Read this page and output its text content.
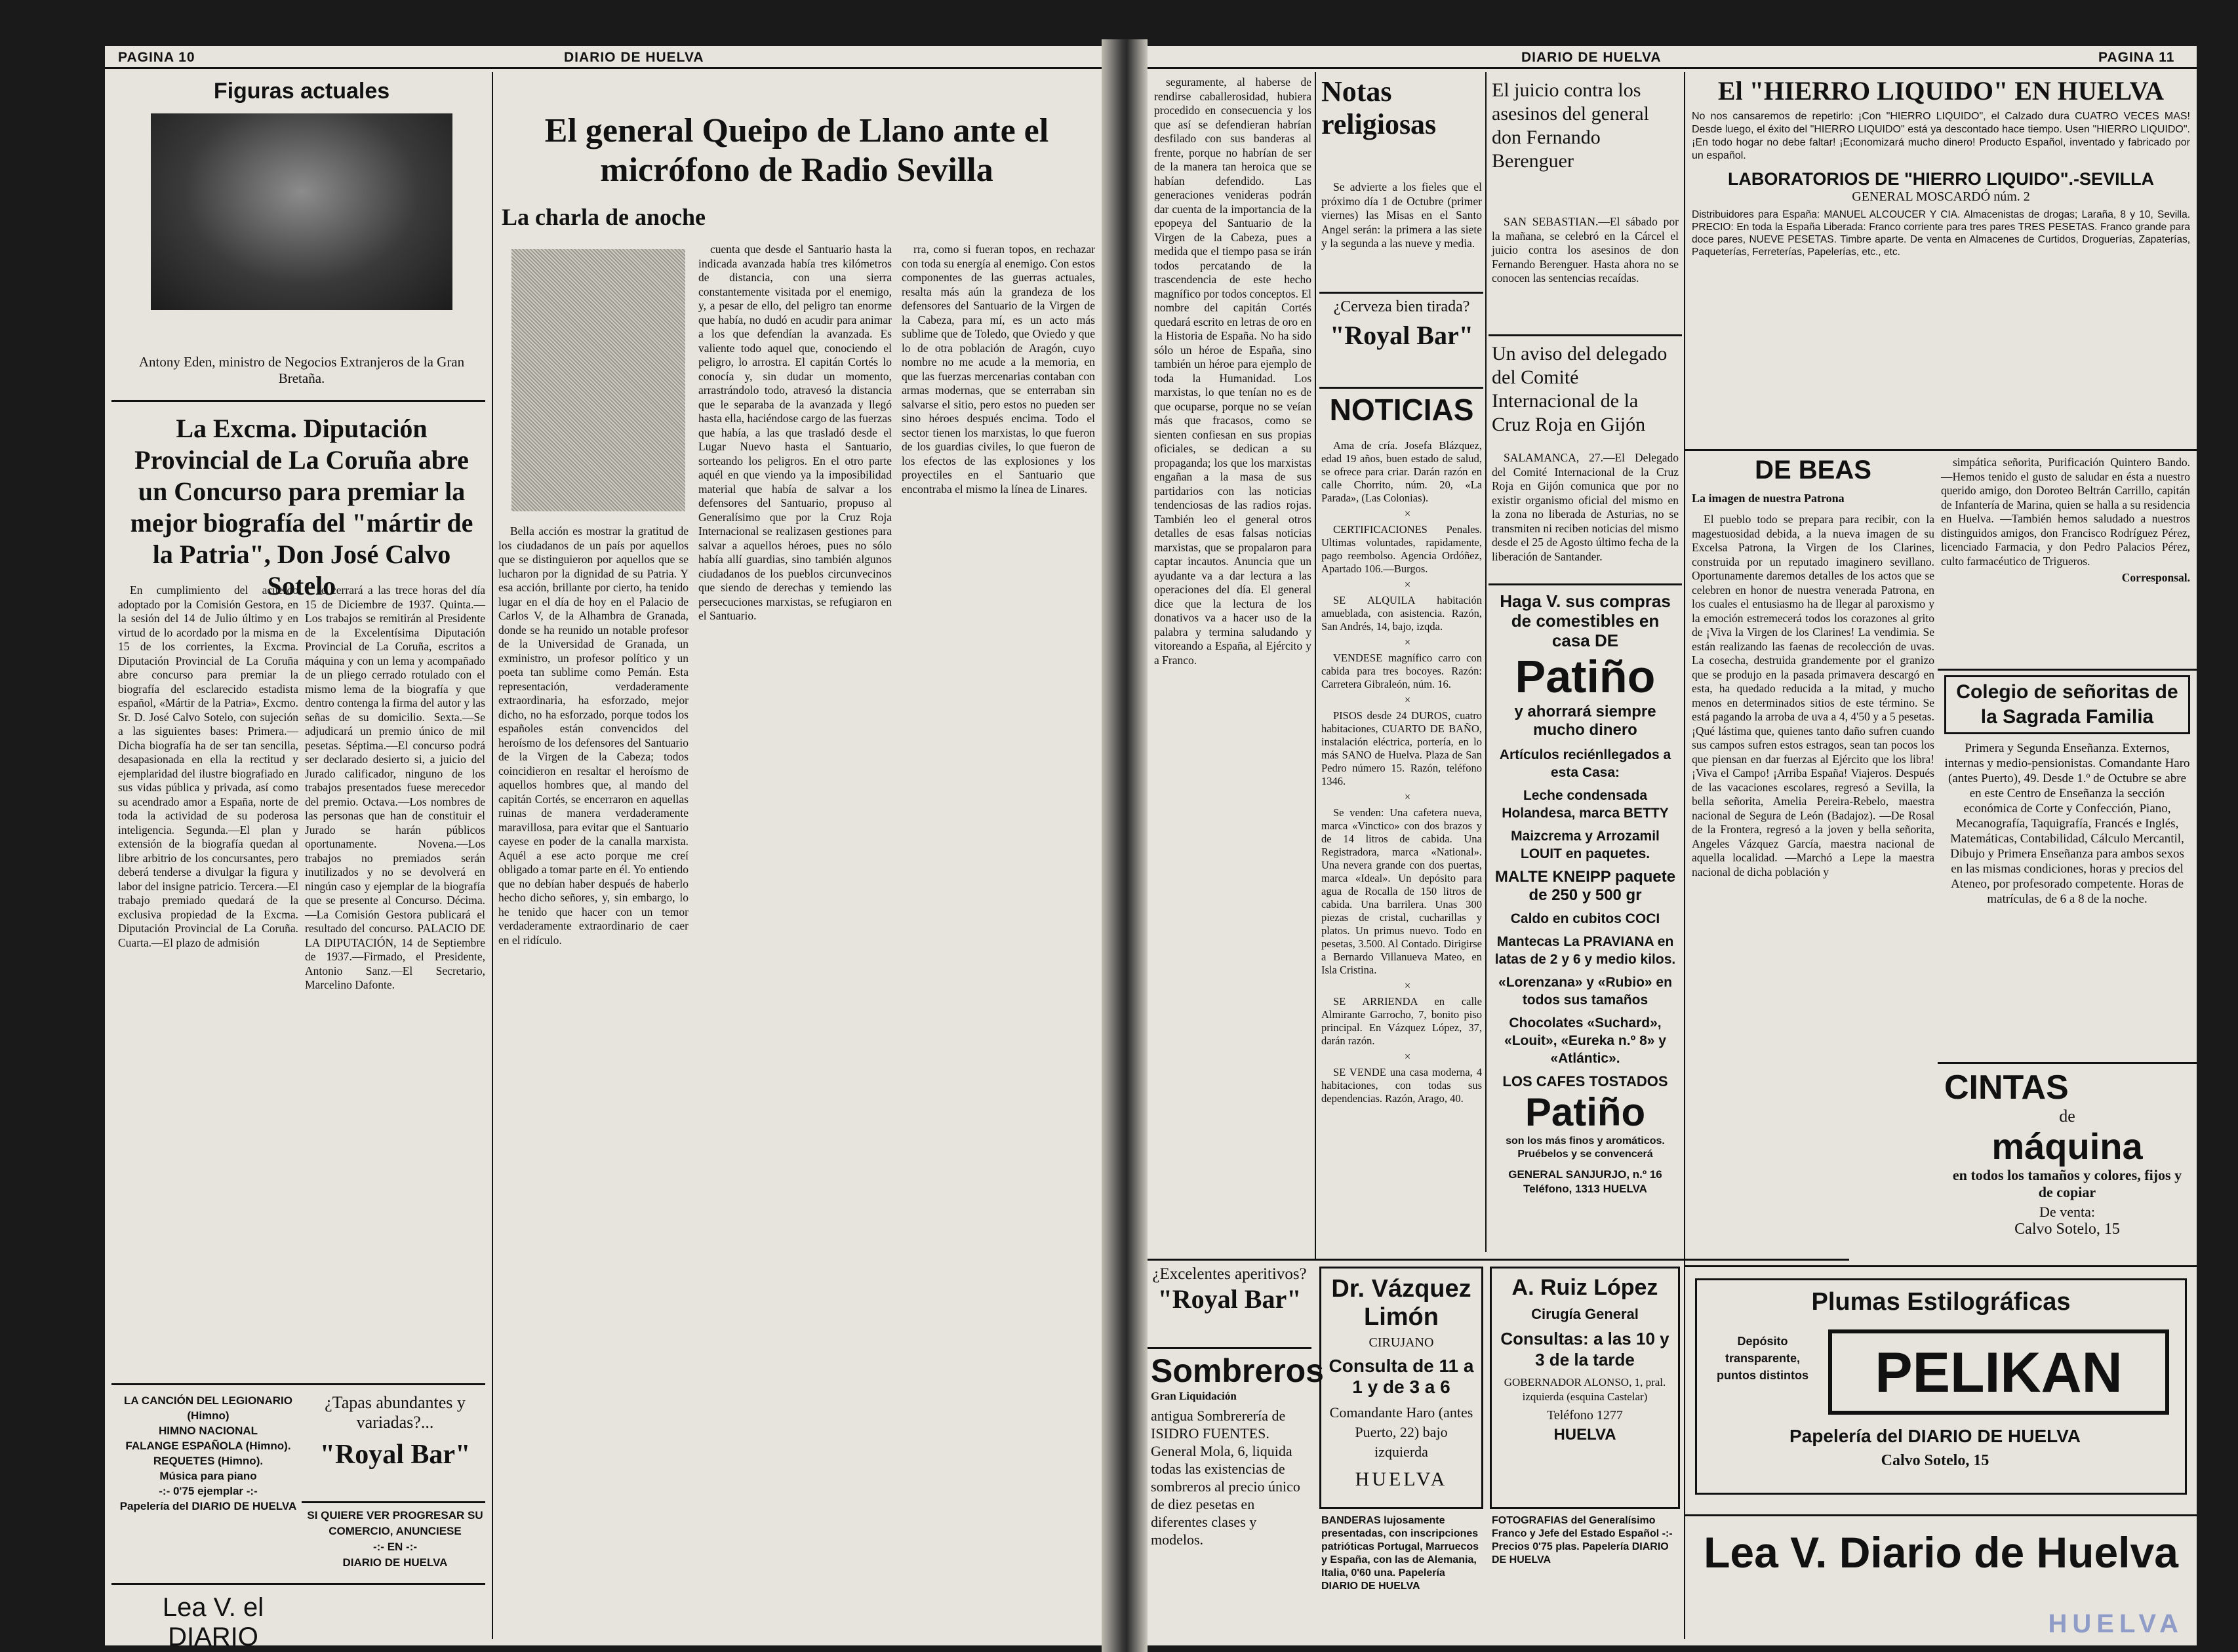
PAGINA 10	DIARIO DE HUELVA
Figuras actuales
Antony Eden, ministro de Negocios Extranjeros de la Gran Bretaña.
La Excma. Diputación Provincial de La Coruña abre un Concurso para premiar la mejor biografía del "mártir de la Patria", Don José Calvo Sotelo

En cumplimiento del acuerdo adoptado por la Comisión Gestora, en la sesión del 14 de Julio último y en virtud de lo acordado por la misma en 15 de los corrientes, la Excma. Diputación Provincial de La Coruña abre concurso para premiar la biografía del esclarecido estadista español, «Mártir de la Patria», Excmo. Sr. D. José Calvo Sotelo, con sujeción a las siguientes bases: Primera.—Dicha biografía ha de ser tan sencilla, desapasionada en ella la rectitud y ejemplaridad del ilustre biografiado en sus vidas pública y privada, así como su acendrado amor a España, norte de toda la actividad de su poderosa inteligencia. Segunda.—El plan y extensión de la biografía quedan al libre arbitrio de los concursantes, pero deberá tenderse a divulgar la figura y labor del insigne patricio. Tercera.—El trabajo premiado quedará de la exclusiva propiedad de la Excma. Diputación Provincial de La Coruña. Cuarta.—El plazo de admisión

se cerrará a las trece horas del día 15 de Diciembre de 1937. Quinta.—Los trabajos se remitirán al Presidente de la Excelentísima Diputación Provincial de La Coruña, escritos a máquina y con un lema y acompañado de un pliego cerrado rotulado con el mismo lema de la biografía y que dentro contenga la firma del autor y las señas de su domicilio. Sexta.—Se adjudicará un premio único de mil pesetas. Séptima.—El concurso podrá ser declarado desierto si, a juicio del Jurado calificador, ninguno de los trabajos presentados fuese merecedor del premio. Octava.—Los nombres de las personas que han de constituir el Jurado se harán públicos oportunamente. Novena.—Los trabajos no premiados serán inutilizados y no se devolverá en ningún caso y ejemplar de la biografía que se presente al Concurso. Décima.—La Comisión Gestora publicará el resultado del concurso. PALACIO DE LA DIPUTACIÓN, 14 de Septiembre de 1937.—Firmado, el Presidente, Antonio Sanz.—El Secretario, Marcelino Dafonte.

LA CANCIÓN DEL LEGIONARIO (Himno)
HIMNO NACIONAL
FALANGE ESPAÑOLA (Himno).
REQUETES (Himno).
Música para piano
-:- 0'75 ejemplar -:-
Papelería del DIARIO DE HUELVA
¿Tapas abundantes y variadas?...
"Royal Bar"
SI QUIERE VER PROGRESAR SU COMERCIO, ANUNCIESE
-:- EN -:-
DIARIO DE HUELVA
Lea V. el DIARIO
El general Queipo de Llano ante el micrófono de Radio Sevilla
La charla de anoche

Bella acción es mostrar la gratitud de los ciudadanos de un país por aquellos que se distinguieron por aquellos que se lucharon por la dignidad de su Patria. Y esa acción, brillante por cierto, ha tenido lugar en el día de hoy en el Palacio de Carlos V, de la Alhambra de Granada, donde se ha reunido un notable profesor de la Universidad de Granada, un exministro, un profesor político y un poeta tan sublime como Pemán. Esta representación, verdaderamente extraordinaria, ha esforzado, mejor dicho, no ha esforzado, porque todos los españoles están convencidos del heroísmo de los defensores del Santuario de la Virgen de la Cabeza; todos coincidieron en resaltar el heroísmo de aquellos hombres que, al mando del capitán Cortés, se encerraron en aquellas ruinas de manera verdaderamente maravillosa, para evitar que el Santuario cayese en poder de la canalla marxista. Aquél a ese acto porque me creí obligado a tomar parte en él. Yo entiendo que no debían haber después de haberlo hecho dicho señores, y, sin embargo, lo he tenido que hacer con un temor verdaderamente extraordinario de caer en el ridículo.

cuenta que desde el Santuario hasta la indicada avanzada había tres kilómetros de distancia, con una sierra constantemente visitada por el enemigo, y, a pesar de ello, del peligro tan enorme que había, no dudó en acudir para animar a los que defendían la avanzada. Es valiente todo aquel que, conociendo el peligro, lo arrostra. El capitán Cortés lo conocía y, sin dudar un momento, arrastrándolo todo, atravesó la distancia que le separaba de la avanzada y llegó hasta ella, haciéndose cargo de las fuerzas que había, a las que trasladó desde el Lugar Nuevo hasta el Santuario, sorteando los peligros. En el otro parte aquél en que viendo ya la imposibilidad material que había de salvar a los defensores del Santuario, propuso al Generalísimo que por la Cruz Roja Internacional se realizasen gestiones para salvar a aquellos héroes, pues no sólo había allí guardias, sino también algunos ciudadanos de los pueblos circunvecinos que siendo de derechas y temiendo las persecuciones marxistas, se refugiaron en el Santuario.

rra, como si fueran topos, en rechazar con toda su energía al enemigo. Con estos componentes de las guerras actuales, resalta más aún la grandeza de los defensores del Santuario de la Virgen de la Cabeza, para mí, es un acto más sublime que de Toledo, que Oviedo y que lo de otra población de Aragón, cuyo nombre no me acude a la memoria, en que las fuerzas mercenarias contaban con armas modernas, que se enterraban sin salvarse el sitio, pero estos no pueden ser sino héroes después encima. Todo el sector tienen los marxistas, lo que fueron de los guardias civiles, lo que fueron de los efectos de las explosiones y los proyectiles en el Santuario que encontraba el mismo la línea de Linares.

DIARIO DE HUELVA	PAGINA 11

seguramente, al haberse de rendirse caballerosidad, hubiera procedido en consecuencia y los que así se defendieran habrían desfilado con sus banderas al frente, porque no habrían de ser de la manera tan heroica que se habían defendido. Las generaciones venideras podrán dar cuenta de la importancia de la epopeya del Santuario de la Virgen de la Cabeza, pues a medida que el tiempo pasa se irán todos percatando de la trascendencia de este hecho magnífico por todos conceptos. El nombre del capitán Cortés quedará escrito en letras de oro en la Historia de España. No ha sido sólo un héroe de España, sino también un héroe para ejemplo de toda la Humanidad. Los marxistas, lo que tenían no es de que ocuparse, porque no se veían más que fracasos, como se sienten confiesan en sus propias oficiales, se dedican a su propaganda; los que los marxistas engañan a la masa de sus partidarios con las noticias tendenciosas de las radios rojas. También leo el general otros detalles de esas falsas noticias marxistas, que se propalaron para captar incautos. Anuncia que un ayudante va a dar lectura a las operaciones del día. El general dice que la lectura de los donativos va a hacer uso de la palabra y termina saludando y vitoreando a España, al Ejército y a Franco.

Notas religiosas

Se advierte a los fieles que el próximo día 1 de Octubre (primer viernes) las Misas en el Santo Angel serán: la primera a las siete y la segunda a las nueve y media.

¿Cerveza bien tirada?
"Royal Bar"
NOTICIAS

Ama de cría. Josefa Blázquez, edad 19 años, buen estado de salud, se ofrece para criar. Darán razón en calle Chorrito, núm. 20, «La Parada», (Las Colonias).

×

CERTIFICACIONES Penales. Ultimas voluntades, rapidamente, pago reembolso. Agencia Ordóñez, Apartado 106.—Burgos.

×

SE ALQUILA habitación amueblada, con asistencia. Razón, San Andrés, 14, bajo, izqda.

×

VENDESE magnífico carro con cabida para tres bocoyes. Razón: Carretera Gibraleón, núm. 16.

×

PISOS desde 24 DUROS, cuatro habitaciones, CUARTO DE BAÑO, instalación eléctrica, portería, en lo más SANO de Huelva. Plaza de San Pedro número 15. Razón, teléfono 1346.

×

Se venden: Una cafetera nueva, marca «Vinctico» con dos brazos y de 14 litros de cabida. Una Registradora, marca «National». Una nevera grande con dos puertas, marca «Ideal». Un depósito para agua de Rocalla de 150 litros de cabida. Una barrilera. Unas 300 piezas de cristal, cucharillas y platos. Un primus nuevo. Todo en pesetas, 3.500. Al Contado. Dirigirse a Bernardo Villanueva Mateo, en Isla Cristina.

×

SE ARRIENDA en calle Almirante Garrocho, 7, bonito piso principal. En Vázquez López, 37, darán razón.

×

SE VENDE una casa moderna, 4 habitaciones, con todas sus dependencias. Razón, Arago, 40.

El juicio contra los asesinos del general don Fernando Berenguer

SAN SEBASTIAN.—El sábado por la mañana, se celebró en la Cárcel el juicio contra los asesinos de don Fernando Berenguer. Hasta ahora no se conocen las sentencias recaídas.

Un aviso del delegado del Comité Internacional de la Cruz Roja en Gijón

SALAMANCA, 27.—El Delegado del Comité Internacional de la Cruz Roja en Gijón comunica que por no existir organismo oficial del mismo en la zona no liberada de Asturias, no se transmiten ni reciben noticias del mismo desde el 25 de Agosto último fecha de la liberación de Santander.

Haga V. sus compras de comestibles en casa DE
Patiño
y ahorrará siempre mucho dinero
Artículos reciénllegados a esta Casa:
Leche condensada Holandesa, marca BETTY
Maizcrema y Arrozamil LOUIT en paquetes.
MALTE KNEIPP paquete de 250 y 500 gr
Caldo en cubitos COCI
Mantecas La PRAVIANA en latas de 2 y 6 y medio kilos.
«Lorenzana» y «Rubio» en todos sus tamaños
Chocolates «Suchard», «Louit», «Eureka n.º 8» y «Atlántic».
LOS CAFES TOSTADOS
Patiño
son los más finos y aromáticos. Pruébelos y se convencerá
GENERAL SANJURJO, n.º 16 Teléfono, 1313 HUELVA
¿Excelentes aperitivos?
"Royal Bar"
Sombreros
Gran Liquidación
antigua Sombrerería de ISIDRO FUENTES. General Mola, 6, liquida todas las existencias de sombreros al precio único de diez pesetas en diferentes clases y modelos.
Dr. Vázquez Limón
CIRUJANO
Consulta de 11 a 1 y de 3 a 6
Comandante Haro (antes Puerto, 22) bajo izquierda
HUELVA
BANDERAS lujosamente presentadas, con inscripciones patrióticas Portugal, Marruecos y España, con las de Alemania, Italia, 0'60 una. Papelería DIARIO DE HUELVA
A. Ruiz López
Cirugía General
Consultas: a las 10 y 3 de la tarde
GOBERNADOR ALONSO, 1, pral. izquierda (esquina Castelar)
Teléfono 1277
HUELVA
FOTOGRAFIAS del Generalísimo Franco y Jefe del Estado Español -:- Precios 0'75 plas. Papelería DIARIO DE HUELVA
El "HIERRO LIQUIDO" EN HUELVA
No nos cansaremos de repetirlo: ¡Con "HIERRO LIQUIDO", el Calzado dura CUATRO VECES MAS! Desde luego, el éxito del "HIERRO LIQUIDO" está ya descontado hace tiempo. Usen "HIERRO LIQUIDO". ¡En todo hogar no debe faltar! ¡Economizará mucho dinero! Producto Español, inventado y fabricado por un español.
LABORATORIOS DE "HIERRO LIQUIDO".-SEVILLA
GENERAL MOSCARDÓ núm. 2
Distribuidores para España: MANUEL ALCOUCER Y CIA. Almacenistas de drogas; Laraña, 8 y 10, Sevilla. PRECIO: En toda la España Liberada: Franco corriente para tres pares TRES PESETAS. Franco grande para doce pares, NUEVE PESETAS. Timbre aparte. De venta en Almacenes de Curtidos, Droguerías, Zapaterías, Paqueterías, Ferreterías, Papelerías, etc., etc.
DE BEAS
La imagen de nuestra Patrona

El pueblo todo se prepara para recibir, con la magestuosidad debida, a la nueva imagen de su Excelsa Patrona, la Virgen de los Clarines, construida por un reputado imaginero sevillano. Oportunamente daremos detalles de los actos que se celebren en honor de nuestra venerada Patrona, en los cuales el entusiasmo ha de llegar al paroxismo y la emoción estremecerá todos los corazones al grito de ¡Viva la Virgen de los Clarines! La vendimia. Se están realizando las faenas de recolección de uvas. La cosecha, destruida grandemente por el granizo que se produjo en la pasada primavera descargó en esta, ha quedado reducida a la mitad, y mucho menos en determinados sitios de este término. Se está pagando la arroba de uva a 4, 4'50 y a 5 pesetas. ¡Qué lástima que, quienes tanto daño sufren cuando sus campos sufren estos estragos, sean tan pocos los que piensan en dar fuerzas al Ejército que los libra! ¡Viva el Campo! ¡Arriba España! Viajeros. Después de las vacaciones escolares, regresó a Sevilla, la bella señorita, Amelia Pereira-Rebelo, maestra nacional de Segura de León (Badajoz). —De Rosal de la Frontera, regresó a la joven y bella señorita, Angeles Vázquez García, maestra nacional de aquella localidad. —Marchó a Lepe la maestra nacional de dicha población y

simpática señorita, Purificación Quintero Bando. —Hemos tenido el gusto de saludar en ésta a nuestro querido amigo, don Doroteo Beltrán Carrillo, capitán de Infantería de Marina, quien se halla a su residencia en Huelva. —También hemos saludado a nuestros distinguidos amigos, don Francisco Rodríguez Pérez, licenciado Farmacia, y don Pedro Palacios Pérez, culto farmacéutico de Trigueros.

Corresponsal.

Colegio de señoritas de la Sagrada Familia
Primera y Segunda Enseñanza. Externos, internas y medio-pensionistas. Comandante Haro (antes Puerto), 49. Desde 1.º de Octubre se abre en este Centro de Enseñanza la sección económica de Corte y Confección, Piano, Mecanografía, Taquigrafía, Francés e Inglés, Matemáticas, Contabilidad, Cálculo Mercantil, Dibujo y Primera Enseñanza para ambos sexos en las mismas condiciones, horas y precios del Ateneo, por profesorado competente. Horas de matrículas, de 6 a 8 de la noche.
CINTAS
de
máquina
en todos los tamaños y colores, fijos y de copiar
De venta:
Calvo Sotelo, 15
Plumas Estilográficas
Depósito transparente, puntos distintos	PELIKAN
Papelería del DIARIO DE HUELVA
Calvo Sotelo, 15
Lea V. Diario de Huelva
HUELVA
